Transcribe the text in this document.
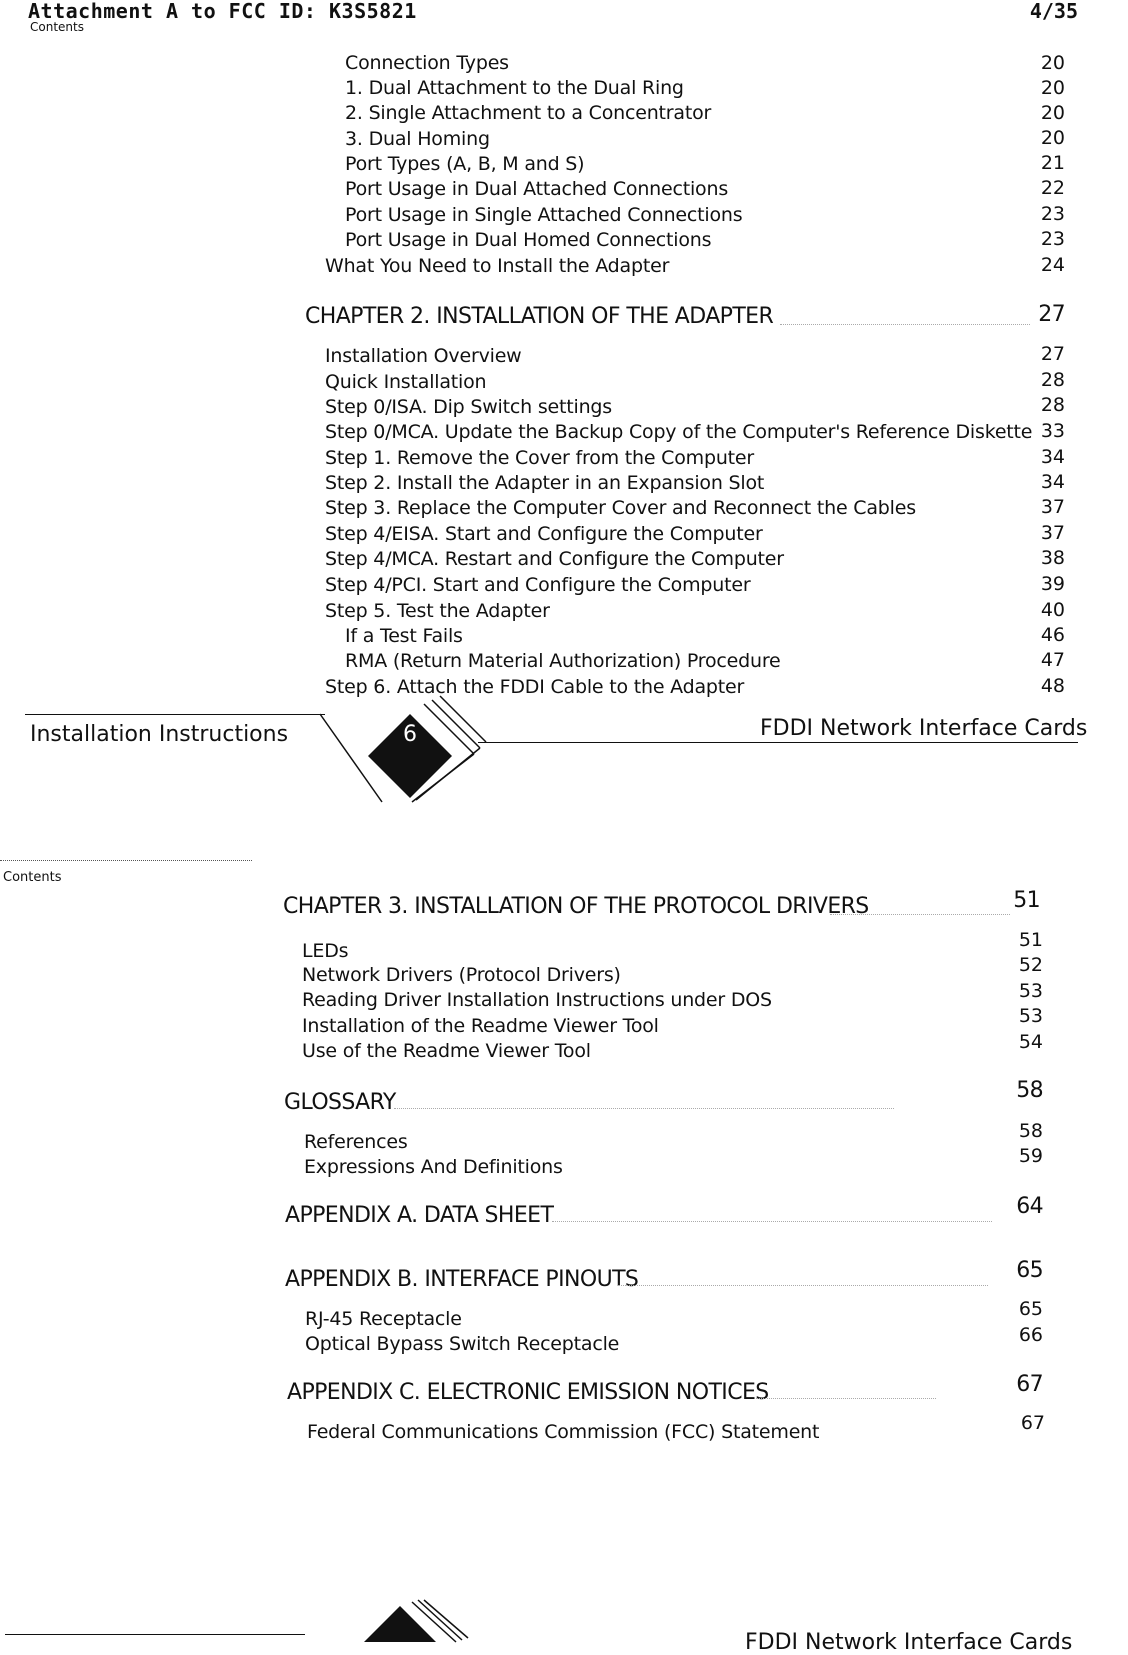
Attachment A to FCC ID: K3S5821	4/35
Contents
Connection Types	20
1. Dual Attachment to the Dual Ring	20
2. Single Attachment to a Concentrator	20
3. Dual Homing	20
Port Types (A, B, M and S)	21
Port Usage in Dual Attached Connections	22
Port Usage in Single Attached Connections	23
Port Usage in Dual Homed Connections	23
What You Need to Install the Adapter	24
CHAPTER 2. INSTALLATION OF THE ADAPTER	27
Installation Overview	27
Quick Installation	28
Step 0/ISA. Dip Switch settings	28
Step 0/MCA. Update the Backup Copy of the Computer's Reference Diskette 33
Step 1. Remove the Cover from the Computer	34
Step 2. Install the Adapter in an Expansion Slot	34
Step 3. Replace the Computer Cover and Reconnect the Cables	37
Step 4/EISA. Start and Configure the Computer	37
Step 4/MCA. Restart and Configure the Computer	38
Step 4/PCI. Start and Configure the Computer	39
Step 5. Test the Adapter	40
If a Test Fails	46
RMA (Return Material Authorization) Procedure	47
Step 6. Attach the FDDI Cable to the Adapter	48
Installation Instructions	6	FDDI Network Interface Cards
Contents
CHAPTER 3. INSTALLATION OF THE PROTOCOL DRIVERS	51
LEDs	51
Network Drivers (Protocol Drivers)	52
Reading Driver Installation Instructions under DOS	53
Installation of the Readme Viewer Tool	53
Use of the Readme Viewer Tool	54
GLOSSARY	58
References	58
Expressions And Definitions	59
APPENDIX A. DATA SHEET	64
APPENDIX B. INTERFACE PINOUTS	65
RJ-45 Receptacle	65
Optical Bypass Switch Receptacle	66
APPENDIX C. ELECTRONIC EMISSION NOTICES	67
Federal Communications Commission (FCC) Statement	67
FDDI Network Interface Cards
